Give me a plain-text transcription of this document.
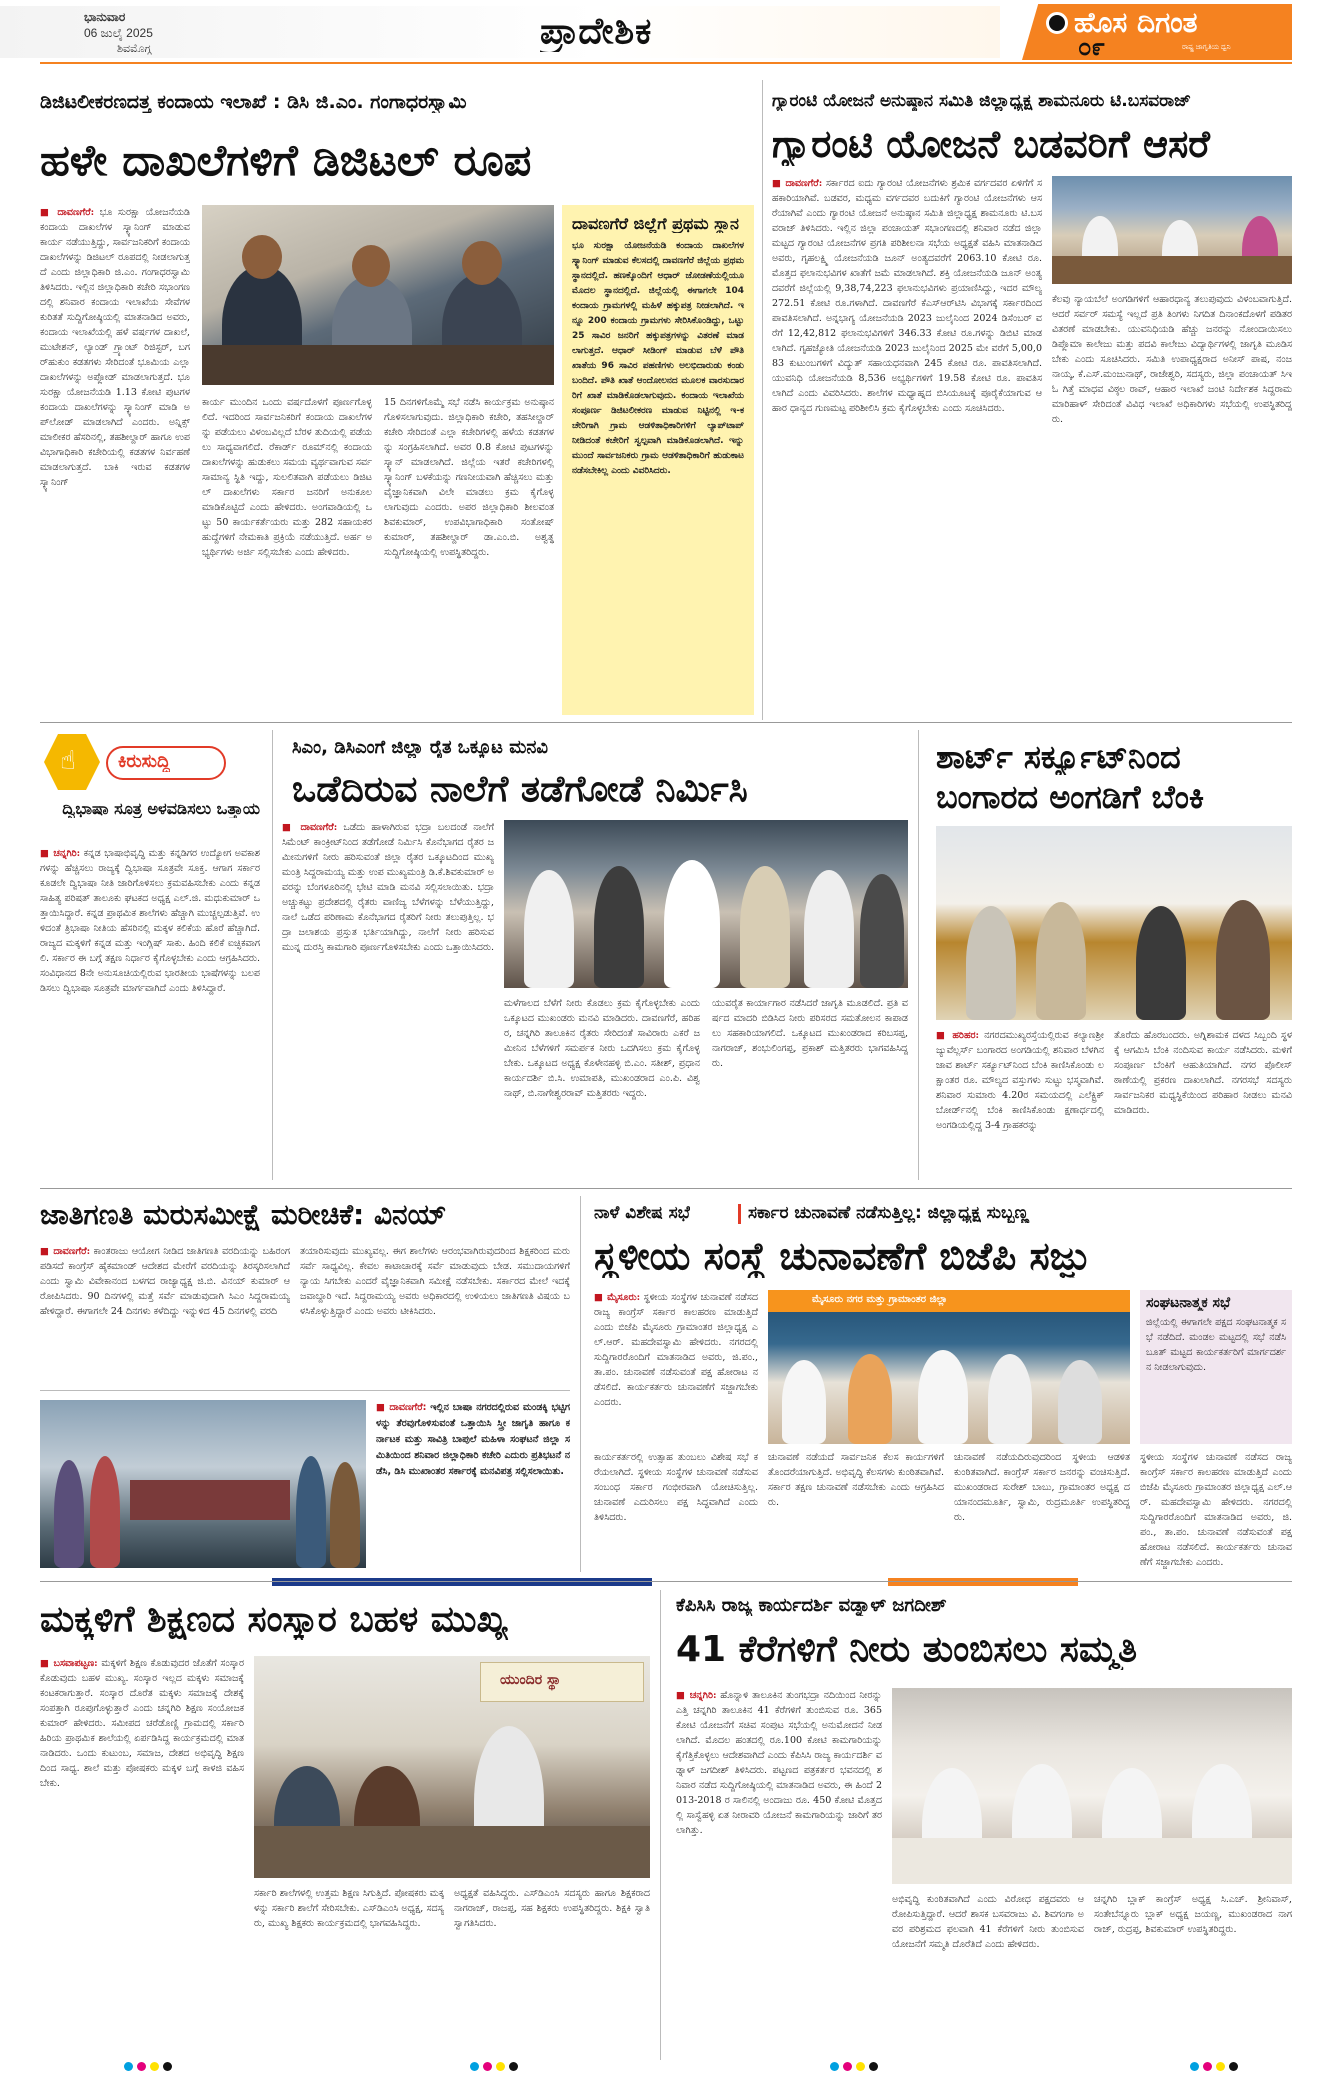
ಭಾನುವಾರ
06 ಜುಲೈ 2025
ಶಿವಮೊಗ್ಗ	ಪ್ರಾದೇಶಿಕ	ಹೊಸ ದಿಗಂತ
ರಾಷ್ಟ್ರ ಜಾಗೃತಿಯ ಧ್ವನಿ
೦೯
ಡಿಜಿಟಲೀಕರಣದತ್ತ ಕಂದಾಯ ಇಲಾಖೆ : ಡಿಸಿ ಜಿ.ಎಂ. ಗಂಗಾಧರಸ್ವಾಮಿ
ಹಳೇ ದಾಖಲೆಗಳಿಗೆ ಡಿಜಿಟಲ್ ರೂಪ
■ ದಾವಣಗೆರೆ: ಭೂ ಸುರಕ್ಷಾ ಯೋಜನೆಯಡಿ ಕಂದಾಯ ದಾಖಲೆಗಳ ಸ್ಕ್ಯಾನಿಂಗ್ ಮಾಡುವ ಕಾರ್ಯ ನಡೆಯುತ್ತಿದ್ದು, ಸಾರ್ವಜನಿಕರಿಗೆ ಕಂದಾಯ ದಾಖಲೆಗಳನ್ನು ಡಿಜಿಟಲ್ ರೂಪದಲ್ಲಿ ನೀಡಲಾಗುತ್ತದೆ ಎಂದು ಜಿಲ್ಲಾಧಿಕಾರಿ ಜಿ.ಎಂ. ಗಂಗಾಧರಸ್ವಾಮಿ ತಿಳಿಸಿದರು. ಇಲ್ಲಿನ ಜಿಲ್ಲಾಧಿಕಾರಿ ಕಚೇರಿ ಸಭಾಂಗಣದಲ್ಲಿ ಶನಿವಾರ ಕಂದಾಯ ಇಲಾಖೆಯ ಸೇವೆಗಳ ಕುರಿತತೆ ಸುದ್ದಿಗೋಷ್ಠಿಯಲ್ಲಿ ಮಾತನಾಡಿದ ಅವರು, ಕಂದಾಯ ಇಲಾಖೆಯಲ್ಲಿ ಹಳೆ ವರ್ಷಗಳ ದಾಖಲೆ, ಮುಟೇಶನ್, ಲ್ಯಾಂಡ್ ಗ್ರ್ಯಾಂಟ್ ರಿಜಿಸ್ಟರ್, ಬಗರ್‌ಹುಕುಂ ಕಡತಗಳು ಸೇರಿದಂತೆ ಭೂಮಿಯ ಎಲ್ಲಾ ದಾಖಲೆಗಳನ್ನು ಅಪ್ಲೋಡ್ ಮಾಡಲಾಗುತ್ತದೆ. ಭೂ ಸುರಕ್ಷಾ ಯೋಜನೆಯಡಿ 1.13 ಕೋಟಿ ಪುಟಗಳ ಕಂದಾಯ ದಾಖಲೆಗಳನ್ನು ಸ್ಕ್ಯಾನಿಂಗ್ ಮಾಡಿ ಅಪ್‌ಲೋಡ್ ಮಾಡಲಾಗಿದೆ ಎಂದರು. ಅನ್ನಿಕ್ಸ್ ಮಾಲೀಕರ ಹೆಸರಿನಲ್ಲಿ, ತಹಶೀಲ್ದಾರ್ ಹಾಗೂ ಉಪವಿಭಾಗಾಧಿಕಾರಿ ಕಚೇರಿಯಲ್ಲಿ ಕಡತಗಳ ನಿರ್ವಹಣೆ ಮಾಡಲಾಗುತ್ತದೆ. ಬಾಕಿ ಇರುವ ಕಡತಗಳ ಸ್ಕ್ಯಾನಿಂಗ್
ಕಾರ್ಯ ಮುಂದಿನ ಒಂದು ವರ್ಷದೊಳಗೆ ಪೂರ್ಣಗೊಳ್ಳಲಿದೆ. ಇದರಿಂದ ಸಾರ್ವಜನಿಕರಿಗೆ ಕಂದಾಯ ದಾಖಲೆಗಳನ್ನು ಪಡೆಯಲು ವಿಳಂಬವಿಲ್ಲದೆ ಬೆರಳ ತುದಿಯಲ್ಲಿ ಪಡೆಯಲು ಸಾಧ್ಯವಾಗಲಿದೆ. ರೆಕಾರ್ಡ್ ರೂಮ್‌ನಲ್ಲಿ ಕಂದಾಯ ದಾಖಲೆಗಳನ್ನು ಹುಡುಕಲು ಸಮಯ ವ್ಯರ್ಥವಾಗುವ ಸರ್ವ ಸಾಮಾನ್ಯ ಸ್ಥಿತಿ ಇದ್ದು, ಸುಲಲಿತವಾಗಿ ಪಡೆಯಲು ಡಿಜಿಟಲ್ ದಾಖಲೆಗಳು ಸರ್ಕಾರ ಜನರಿಗೆ ಅನುಕೂಲ ಮಾಡಿಕೊಟ್ಟಿದೆ ಎಂದು ಹೇಳಿದರು. ಅಂಗವಾಡಿಯಲ್ಲಿ ಒಟ್ಟು 50 ಕಾರ್ಯಕರ್ತೆಯರು ಮತ್ತು 282 ಸಹಾಯಕರ ಹುದ್ದೆಗಳಿಗೆ ನೇಮಕಾತಿ ಪ್ರಕ್ರಿಯೆ ನಡೆಯುತ್ತಿದೆ. ಅರ್ಹ ಅಭ್ಯರ್ಥಿಗಳು ಅರ್ಜಿ ಸಲ್ಲಿಸಬೇಕು ಎಂದು ಹೇಳಿದರು.
15 ದಿನಗಳಿಗೊಮ್ಮೆ ಸಭೆ ನಡೆಸಿ ಕಾರ್ಯಕ್ರಮ ಅನುಷ್ಠಾನಗೊಳಿಸಲಾಗುವುದು. ಜಿಲ್ಲಾಧಿಕಾರಿ ಕಚೇರಿ, ತಹಸೀಲ್ದಾರ್ ಕಚೇರಿ ಸೇರಿದಂತೆ ಎಲ್ಲಾ ಕಚೇರಿಗಳಲ್ಲಿ ಹಳೆಯ ಕಡತಗಳನ್ನು ಸಂಗ್ರಹಿಸಲಾಗಿದೆ. ಅವರ 0.8 ಕೋಟಿ ಪುಟಗಳನ್ನು ಸ್ಕ್ಯಾನ್ ಮಾಡಲಾಗಿದೆ. ಜಿಲ್ಲೆಯ ಇತರೆ ಕಚೇರಿಗಳಲ್ಲಿ ಸ್ಕ್ಯಾನಿಂಗ್ ಬಳಕೆಯನ್ನು ಗಣನೀಯವಾಗಿ ಹೆಚ್ಚಿಸಲು ಮತ್ತು ವೈಜ್ಞಾನಿಕವಾಗಿ ವಿಲೇ ಮಾಡಲು ಕ್ರಮ ಕೈಗೊಳ್ಳಲಾಗುವುದು ಎಂದರು. ಅಪರ ಜಿಲ್ಲಾಧಿಕಾರಿ ಶೀಲವಂತ ಶಿವಕುಮಾರ್, ಉಪವಿಭಾಗಾಧಿಕಾರಿ ಸಂತೋಷ್ ಕುಮಾರ್, ತಹಶೀಲ್ದಾರ್ ಡಾ.ಎಂ.ಬಿ. ಅಶ್ವತ್ಥ ಸುದ್ದಿಗೋಷ್ಠಿಯಲ್ಲಿ ಉಪಸ್ಥಿತರಿದ್ದರು.
ದಾವಣಗೆರೆ ಜಿಲ್ಲೆಗೆ ಪ್ರಥಮ ಸ್ಥಾನ
ಭೂ ಸುರಕ್ಷಾ ಯೋಜನೆಯಡಿ ಕಂದಾಯ ದಾಖಲೆಗಳ ಸ್ಕ್ಯಾನಿಂಗ್ ಮಾಡುವ ಕೆಲಸದಲ್ಲಿ ದಾವಣಗೆರೆ ಜಿಲ್ಲೆಯ ಪ್ರಥಮ ಸ್ಥಾನದಲ್ಲಿದೆ. ಹಣಕ್ಕೊಂದಿಗೆ ಆಧಾರ್ ಜೋಡಣೆಯಲ್ಲಿಯೂ ಮೊದಲ ಸ್ಥಾನದಲ್ಲಿದೆ. ಜಿಲ್ಲೆಯಲ್ಲಿ ಈಗಾಗಲೇ 104 ಕಂದಾಯ ಗ್ರಾಮಗಳಲ್ಲಿ ಮಹಿಳೆ ಹಕ್ಕುಪತ್ರ ನೀಡಲಾಗಿದೆ. ಇನ್ನೂ 200 ಕಂದಾಯ ಗ್ರಾಮಗಳು ಸೇರಿಸಿಕೊಂಡಿದ್ದು, ಒಟ್ಟು 25 ಸಾವಿರ ಜನರಿಗೆ ಹಕ್ಕುಪತ್ರಗಳನ್ನು ವಿತರಣೆ ಮಾಡಲಾಗುತ್ತದೆ. ಆಧಾರ್ ಸೀಡಿಂಗ್ ಮಾಡುವ ಬೆಳೆ ಪೌತಿ ಖಾತೆಯ 96 ಸಾವಿರ ಪಹಣಿಗಳು ಅಲಭಿದಾರುಡು ಕಂಡು ಬಂದಿದೆ. ಪೌತಿ ಖಾತೆ ಆಂದೋಲನದ ಮೂಲಕ ವಾರಸುದಾರರಿಗೆ ಖಾತೆ ಮಾಡಿಕೊಡಲಾಗುವುದು. ಕಂದಾಯ ಇಲಾಖೆಯ ಸಂಪೂರ್ಣ ಡಿಜಿಟಲೀಕರಣ ಮಾಡುವ ನಿಟ್ಟಿನಲ್ಲಿ ಇ-ಕಚೇರಿಗಾಗಿ ಗ್ರಾಮ ಆಡಳಿತಾಧಿಕಾರಿಗಳಿಗೆ ಲ್ಯಾಪ್‌ಟಾಪ್ ನೀಡಿದಂತೆ ಕಚೇರಿಗೆ ಸ್ವಲ್ಪವಾಗಿ ಮಾಡಿಕೊಡಲಾಗಿದೆ. ಇನ್ನು ಮುಂದೆ ಸಾರ್ವಜನಿಕರು ಗ್ರಾಮ ಆಡಳಿತಾಧಿಕಾರಿಗೆ ಹುಡುಕಾಟ ನಡೆಸಬೇಕಿಲ್ಲ ಎಂದು ವಿವರಿಸಿದರು.
ಗ್ಯಾರಂಟಿ ಯೋಜನೆ ಅನುಷ್ಠಾನ ಸಮಿತಿ ಜಿಲ್ಲಾಧ್ಯಕ್ಷ ಶಾಮನೂರು ಟಿ.ಬಸವರಾಜ್
ಗ್ಯಾರಂಟಿ ಯೋಜನೆ ಬಡವರಿಗೆ ಆಸರೆ
■ ದಾವಣಗೆರೆ: ಸರ್ಕಾರದ ಐದು ಗ್ಯಾರಂಟಿ ಯೋಜನೆಗಳು ಶ್ರಮಿಕ ವರ್ಗದವರ ಏಳಿಗೆಗೆ ಸಹಕಾರಿಯಾಗಿವೆ. ಬಡವರ, ಮಧ್ಯಮ ವರ್ಗದವರ ಬದುಕಿಗೆ ಗ್ಯಾರಂಟಿ ಯೋಜನೆಗಳು ಆಸರೆಯಾಗಿವೆ ಎಂದು ಗ್ಯಾರಂಟಿ ಯೋಜನೆ ಅನುಷ್ಠಾನ ಸಮಿತಿ ಜಿಲ್ಲಾಧ್ಯಕ್ಷ ಶಾಮನೂರು ಟಿ.ಬಸವರಾಜ್ ತಿಳಿಸಿದರು. ಇಲ್ಲಿನ ಜಿಲ್ಲಾ ಪಂಚಾಯತ್ ಸಭಾಂಗಣದಲ್ಲಿ ಶನಿವಾರ ನಡೆದ ಜಿಲ್ಲಾ ಮಟ್ಟದ ಗ್ಯಾರಂಟಿ ಯೋಜನೆಗಳ ಪ್ರಗತಿ ಪರಿಶೀಲನಾ ಸಭೆಯ ಅಧ್ಯಕ್ಷತೆ ವಹಿಸಿ ಮಾತನಾಡಿದ ಅವರು, ಗೃಹಲಕ್ಷ್ಮಿ ಯೋಜನೆಯಡಿ ಜೂನ್ ಅಂತ್ಯದವರೆಗೆ 2063.10 ಕೋಟಿ ರೂ. ಮೊತ್ತದ ಫಲಾನುಭವಿಗಳ ಖಾತೆಗೆ ಜಮೆ ಮಾಡಲಾಗಿದೆ. ಶಕ್ತಿ ಯೋಜನೆಯಡಿ ಜೂನ್ ಅಂತ್ಯದವರೆಗೆ ಜಿಲ್ಲೆಯಲ್ಲಿ 9,38,74,223 ಫಲಾನುಭವಿಗಳು ಪ್ರಯಾಣಿಸಿದ್ದು, ಇದರ ಮೌಲ್ಯ 272.51 ಕೋಟಿ ರೂ.ಗಳಾಗಿದೆ. ದಾವಣಗೆರೆ ಕೆಎಸ್ಆರ್‌ಟಿಸಿ ವಿಭಾಗಕ್ಕೆ ಸರ್ಕಾರದಿಂದ ಪಾವತಿಸಲಾಗಿದೆ. ಅನ್ನಭಾಗ್ಯ ಯೋಜನೆಯಡಿ 2023 ಜುಲೈನಿಂದ 2024 ಡಿಸೆಂಬರ್ ವರೆಗೆ 12,42,812 ಫಲಾನುಭವಿಗಳಿಗೆ 346.33 ಕೋಟಿ ರೂ.ಗಳನ್ನು ಡಿಬಿಟಿ ಮಾಡಲಾಗಿದೆ. ಗೃಹಜ್ಯೋತಿ ಯೋಜನೆಯಡಿ 2023 ಜುಲೈನಿಂದ 2025 ಮೇ ವರೆಗೆ 5,00,083 ಕುಟುಂಬಗಳಿಗೆ ವಿದ್ಯುತ್ ಸಹಾಯಧನವಾಗಿ 245 ಕೋಟಿ ರೂ. ಪಾವತಿಸಲಾಗಿದೆ. ಯುವನಿಧಿ ಯೋಜನೆಯಡಿ 8,536 ಅಭ್ಯರ್ಥಿಗಳಿಗೆ 19.58 ಕೋಟಿ ರೂ. ಪಾವತಿಸಲಾಗಿದೆ ಎಂದು ವಿವರಿಸಿದರು. ಶಾಲೆಗಳ ಮಧ್ಯಾಹ್ನದ ಬಿಸಿಯೂಟಕ್ಕೆ ಪೂರೈಕೆಯಾಗುವ ಆಹಾರ ಧಾನ್ಯದ ಗುಣಮಟ್ಟ ಪರಿಶೀಲಿಸಿ ಕ್ರಮ ಕೈಗೊಳ್ಳಬೇಕು ಎಂದು ಸೂಚಿಸಿದರು.
ಕೆಲವು ನ್ಯಾಯಬೆಲೆ ಅಂಗಡಿಗಳಿಗೆ ಆಹಾರಧಾನ್ಯ ತಲುಪುವುದು ವಿಳಂಬವಾಗುತ್ತಿದೆ. ಆದರೆ ಸರ್ವರ್ ಸಮಸ್ಯೆ ಇಲ್ಲದೆ ಪ್ರತಿ ತಿಂಗಳು ನಿಗದಿತ ದಿನಾಂಕದೊಳಗೆ ಪಡಿತರ ವಿತರಣೆ ಮಾಡಬೇಕು. ಯುವನಿಧಿಯಡಿ ಹೆಚ್ಚು ಜನರನ್ನು ನೋಂದಾಯಿಸಲು ಡಿಪ್ಲೊಮಾ ಕಾಲೇಜು ಮತ್ತು ಪದವಿ ಕಾಲೇಜು ವಿದ್ಯಾರ್ಥಿಗಳಲ್ಲಿ ಜಾಗೃತಿ ಮೂಡಿಸಬೇಕು ಎಂದು ಸೂಚಿಸಿದರು. ಸಮಿತಿ ಉಪಾಧ್ಯಕ್ಷರಾದ ಅನೀಸ್ ಪಾಷ, ನಂಜನಾಯ್ಕ, ಕೆ.ಎಸ್.ಮಂಜುನಾಥ್, ರಾಜೇಶ್ವರಿ, ಸದಸ್ಯರು, ಜಿಲ್ಲಾ ಪಂಚಾಯತ್ ಸಿಇಓ ಗಿತ್ತೆ ಮಾಧವ ವಿಠ್ಠಲ ರಾವ್, ಆಹಾರ ಇಲಾಖೆ ಜಂಟಿ ನಿರ್ದೇಶಕ ಸಿದ್ದರಾಮ ಮಾರಿಹಾಳ್ ಸೇರಿದಂತೆ ವಿವಿಧ ಇಲಾಖೆ ಅಧಿಕಾರಿಗಳು ಸಭೆಯಲ್ಲಿ ಉಪಸ್ಥಿತರಿದ್ದರು.
☝ ಕಿರುಸುದ್ದಿ
ದ್ವಿಭಾಷಾ ಸೂತ್ರ ಅಳವಡಿಸಲು ಒತ್ತಾಯ
■ ಚನ್ನಗಿರಿ: ಕನ್ನಡ ಭಾಷಾಭಿವೃದ್ಧಿ ಮತ್ತು ಕನ್ನಡಿಗರ ಉದ್ಯೋಗ ಅವಕಾಶಗಳನ್ನು ಹೆಚ್ಚಿಸಲು ರಾಜ್ಯಕ್ಕೆ ದ್ವಿಭಾಷಾ ಸೂತ್ರವೇ ಸೂಕ್ತ. ಆಗಾಗ ಸರ್ಕಾರ ಕೂಡಲೇ ದ್ವಿಭಾಷಾ ನೀತಿ ಜಾರಿಗೊಳಿಸಲು ಕ್ರಮವಹಿಸಬೇಕು ಎಂದು ಕನ್ನಡ ಸಾಹಿತ್ಯ ಪರಿಷತ್ ತಾಲೂಕು ಘಟಕದ ಅಧ್ಯಕ್ಷ ಎಲ್.ಜಿ. ಮಧುಕುಮಾರ್ ಒತ್ತಾಯಿಸಿದ್ದಾರೆ. ಕನ್ನಡ ಪ್ರಾಥಮಿಕ ಶಾಲೆಗಳು ಹೆಚ್ಚಾಗಿ ಮುಚ್ಚಲ್ಪಡುತ್ತಿವೆ. ಉಳಿದಂತೆ ತ್ರಿಭಾಷಾ ನೀತಿಯ ಹೆಸರಿನಲ್ಲಿ ಮಕ್ಕಳ ಕಲಿಕೆಯ ಹೊರೆ ಹೆಚ್ಚಾಗಿದೆ. ರಾಜ್ಯದ ಮಕ್ಕಳಿಗೆ ಕನ್ನಡ ಮತ್ತು ಇಂಗ್ಲಿಷ್ ಸಾಕು. ಹಿಂದಿ ಕಲಿಕೆ ಐಚ್ಛಿಕವಾಗಲಿ. ಸರ್ಕಾರ ಈ ಬಗ್ಗೆ ತಕ್ಷಣ ನಿರ್ಧಾರ ಕೈಗೊಳ್ಳಬೇಕು ಎಂದು ಆಗ್ರಹಿಸಿದರು. ಸಂವಿಧಾನದ 8ನೇ ಅನುಸೂಚಿಯಲ್ಲಿರುವ ಭಾರತೀಯ ಭಾಷೆಗಳನ್ನು ಬಲಪಡಿಸಲು ದ್ವಿಭಾಷಾ ಸೂತ್ರವೇ ಮಾರ್ಗವಾಗಿದೆ ಎಂದು ತಿಳಿಸಿದ್ದಾರೆ.
ಸಿಎಂ, ಡಿಸಿಎಂಗೆ ಜಿಲ್ಲಾ ರೈತ ಒಕ್ಕೂಟ ಮನವಿ
ಒಡೆದಿರುವ ನಾಲೆಗೆ ತಡೆಗೋಡೆ ನಿರ್ಮಿಸಿ
■ ದಾವಣಗೆರೆ: ಒಡೆದು ಹಾಳಾಗಿರುವ ಭದ್ರಾ ಬಲದಂಡೆ ನಾಲೆಗೆ ಸಿಮೆಂಟ್ ಕಾಂಕ್ರೀಟ್‌ನಿಂದ ತಡೆಗೋಡೆ ನಿರ್ಮಿಸಿ ಕೊನೆಭಾಗದ ರೈತರ ಜಮೀನುಗಳಿಗೆ ನೀರು ಹರಿಸುವಂತೆ ಜಿಲ್ಲಾ ರೈತರ ಒಕ್ಕೂಟದಿಂದ ಮುಖ್ಯಮಂತ್ರಿ ಸಿದ್ದರಾಮಯ್ಯ ಮತ್ತು ಉಪ ಮುಖ್ಯಮಂತ್ರಿ ಡಿ.ಕೆ.ಶಿವಕುಮಾರ್ ಅವರನ್ನು ಬೆಂಗಳೂರಿನಲ್ಲಿ ಭೇಟಿ ಮಾಡಿ ಮನವಿ ಸಲ್ಲಿಸಲಾಯಿತು. ಭದ್ರಾ ಅಚ್ಚುಕಟ್ಟು ಪ್ರದೇಶದಲ್ಲಿ ರೈತರು ವಾಣಿಜ್ಯ ಬೆಳೆಗಳನ್ನು ಬೆಳೆಯುತ್ತಿದ್ದು, ನಾಲೆ ಒಡೆದ ಪರಿಣಾಮ ಕೊನೆಭಾಗದ ರೈತರಿಗೆ ನೀರು ತಲುಪುತ್ತಿಲ್ಲ. ಭದ್ರಾ ಜಲಾಶಯ ಪ್ರಸ್ತುತ ಭರ್ತಿಯಾಗಿದ್ದು, ನಾಲೆಗೆ ನೀರು ಹರಿಸುವ ಮುನ್ನ ದುರಸ್ತಿ ಕಾಮಗಾರಿ ಪೂರ್ಣಗೊಳಿಸಬೇಕು ಎಂದು ಒತ್ತಾಯಿಸಿದರು.
ಮಳೆಗಾಲದ ಬೆಳೆಗೆ ನೀರು ಕೊಡಲು ಕ್ರಮ ಕೈಗೊಳ್ಳಬೇಕು ಎಂದು ಒಕ್ಕೂಟದ ಮುಖಂಡರು ಮನವಿ ಮಾಡಿದರು. ದಾವಣಗೆರೆ, ಹರಿಹರ, ಚನ್ನಗಿರಿ ತಾಲೂಕಿನ ರೈತರು ಸೇರಿದಂತೆ ಸಾವಿರಾರು ಎಕರೆ ಜಮೀನಿನ ಬೆಳೆಗಳಿಗೆ ಸಮರ್ಪಕ ನೀರು ಒದಗಿಸಲು ಕ್ರಮ ಕೈಗೊಳ್ಳಬೇಕು. ಒಕ್ಕೂಟದ ಅಧ್ಯಕ್ಷ ಕೊಳೇನಹಳ್ಳಿ ಬಿ.ಎಂ. ಸತೀಶ್, ಪ್ರಧಾನ ಕಾರ್ಯದರ್ಶಿ ಬಿ.ಸಿ. ಉಮಾಪತಿ, ಮುಖಂಡರಾದ ಎಂ.ಪಿ. ವಿಶ್ವನಾಥ್, ಬಿ.ನಾಗೇಶ್ವರರಾವ್ ಮತ್ತಿತರರು ಇದ್ದರು.
ಯುವರೈತ ಕಾರ್ಯಾಗಾರ ನಡೆಸಿದರೆ ಜಾಗೃತಿ ಮೂಡಲಿದೆ. ಪ್ರತಿ ವರ್ಷದ ಮಾದರಿ ಬಿಡಿಸಿದ ನೀರು ಪರಿಸರದ ಸಮತೋಲನ ಕಾಪಾಡಲು ಸಹಕಾರಿಯಾಗಲಿದೆ. ಒಕ್ಕೂಟದ ಮುಖಂಡರಾದ ಕರಿಬಸಪ್ಪ, ನಾಗರಾಜ್, ಶಂಭುಲಿಂಗಪ್ಪ, ಪ್ರಕಾಶ್ ಮತ್ತಿತರರು ಭಾಗವಹಿಸಿದ್ದರು.
ಶಾರ್ಟ್ ಸರ್ಕ್ಯೂಟ್‌ನಿಂದ
ಬಂಗಾರದ ಅಂಗಡಿಗೆ ಬೆಂಕಿ
■ ಹರಿಹರ: ನಗರದಮುಖ್ಯರಸ್ತೆಯಲ್ಲಿರುವ ಕಲ್ಯಾಣಶ್ರೀ ಜ್ಯುವೆಲ್ಲರ್ಸ್ ಬಂಗಾರದ ಅಂಗಡಿಯಲ್ಲಿ ಶನಿವಾರ ಬೆಳಗಿನ ಜಾವ ಶಾರ್ಟ್ ಸರ್ಕ್ಯೂಟ್‌ನಿಂದ ಬೆಂಕಿ ಕಾಣಿಸಿಕೊಂಡು ಲಕ್ಷಾಂತರ ರೂ. ಮೌಲ್ಯದ ವಸ್ತುಗಳು ಸುಟ್ಟು ಭಸ್ಮವಾಗಿವೆ. ಶನಿವಾರ ಸುಮಾರು 4.20ರ ಸಮಯದಲ್ಲಿ ಎಲೆಕ್ಟ್ರಿಕ್ ಬೋರ್ಡ್‌ನಲ್ಲಿ ಬೆಂಕಿ ಕಾಣಿಸಿಕೊಂಡು ಕ್ಷಣಾರ್ಧದಲ್ಲಿ ಅಂಗಡಿಯಲ್ಲಿದ್ದ 3-4 ಗ್ರಾಹಕರನ್ನು
ತೊರೆದು ಹೊರಬಂದರು. ಅಗ್ನಿಶಾಮಕ ದಳದ ಸಿಬ್ಬಂದಿ ಸ್ಥಳಕ್ಕೆ ಆಗಮಿಸಿ ಬೆಂಕಿ ನಂದಿಸುವ ಕಾರ್ಯ ನಡೆಸಿದರು. ಮಳಿಗೆ ಸಂಪೂರ್ಣ ಬೆಂಕಿಗೆ ಆಹುತಿಯಾಗಿದೆ. ನಗರ ಪೊಲೀಸ್ ಠಾಣೆಯಲ್ಲಿ ಪ್ರಕರಣ ದಾಖಲಾಗಿದೆ. ನಗರಸಭೆ ಸದಸ್ಯರು ಸಾರ್ವಜನಿಕರ ಮಧ್ಯಸ್ಥಿಕೆಯಿಂದ ಪರಿಹಾರ ನೀಡಲು ಮನವಿ ಮಾಡಿದರು.
ಜಾತಿಗಣತಿ ಮರುಸಮೀಕ್ಷೆ ಮರೀಚಿಕೆ: ವಿನಯ್
■ ದಾವಣಗೆರೆ: ಕಾಂತರಾಜು ಆಯೋಗ ನೀಡಿದ ಜಾತಿಗಣತಿ ವರದಿಯನ್ನು ಬಹಿರಂಗ ಪಡಿಸದೆ ಕಾಂಗ್ರೆಸ್ ಹೈಕಮಾಂಡ್ ಆದೇಶದ ಮೇರೆಗೆ ವರದಿಯನ್ನು ತಿರಸ್ಕರಿಸಲಾಗಿದೆ ಎಂದು ಸ್ವಾಮಿ ವಿವೇಕಾನಂದ ಬಳಗದ ರಾಜ್ಯಾಧ್ಯಕ್ಷ ಜಿ.ಬಿ. ವಿನಯ್ ಕುಮಾರ್ ಆರೋಪಿಸಿದರು. 90 ದಿನಗಳಲ್ಲಿ ಮತ್ತೆ ಸರ್ವೆ ಮಾಡುವುದಾಗಿ ಸಿಎಂ ಸಿದ್ದರಾಮಯ್ಯ ಹೇಳಿದ್ದಾರೆ. ಈಗಾಗಲೇ 24 ದಿನಗಳು ಕಳೆದಿದ್ದು ಇನ್ನುಳಿದ 45 ದಿನಗಳಲ್ಲಿ ವರದಿ
ತಯಾರಿಸುವುದು ಮುಖ್ಯವಲ್ಲ. ಈಗ ಶಾಲೆಗಳು ಆರಂಭವಾಗಿರುವುದರಿಂದ ಶಿಕ್ಷಕರಿಂದ ಮರು ಸರ್ವೆ ಸಾಧ್ಯವಿಲ್ಲ. ಕೇವಲ ಕಾಟಾಚಾರಕ್ಕೆ ಸರ್ವೆ ಮಾಡುವುದು ಬೇಡ. ಸಮುದಾಯಗಳಿಗೆ ನ್ಯಾಯ ಸಿಗಬೇಕು ಎಂದರೆ ವೈಜ್ಞಾನಿಕವಾಗಿ ಸಮೀಕ್ಷೆ ನಡೆಸಬೇಕು. ಸರ್ಕಾರದ ಮೇಲೆ ಇದಕ್ಕೆ ಜವಾಬ್ದಾರಿ ಇದೆ. ಸಿದ್ದರಾಮಯ್ಯ ಅವರು ಅಧಿಕಾರದಲ್ಲಿ ಉಳಿಯಲು ಜಾತಿಗಣತಿ ವಿಷಯ ಬಳಸಿಕೊಳ್ಳುತ್ತಿದ್ದಾರೆ ಎಂದು ಅವರು ಟೀಕಿಸಿದರು.
■ ದಾವಣಗೆರೆ: ಇಲ್ಲಿನ ಬಾಷಾ ನಗರದಲ್ಲಿರುವ ಮಂಡಕ್ಕಿ ಭಟ್ಟಿಗಳನ್ನು ತೆರವುಗೊಳಿಸುವಂತೆ ಒತ್ತಾಯಿಸಿ ಸ್ತ್ರೀ ಜಾಗೃತಿ ಹಾಗೂ ಕರ್ನಾಟಕ ಮತ್ತು ಸಾವಿತ್ರಿ ಬಾಪುಲೆ ಮಹಿಳಾ ಸಂಘಟನೆ ಜಿಲ್ಲಾ ಸಮಿತಿಯಿಂದ ಶನಿವಾರ ಜಿಲ್ಲಾಧಿಕಾರಿ ಕಚೇರಿ ಎದುರು ಪ್ರತಿಭಟನೆ ನಡೆಸಿ, ಡಿಸಿ ಮುಖಾಂತರ ಸರ್ಕಾರಕ್ಕೆ ಮನವಿಪತ್ರ ಸಲ್ಲಿಸಲಾಯಿತು.
ನಾಳೆ ವಿಶೇಷ ಸಭೆ	ಸರ್ಕಾರ ಚುನಾವಣೆ ನಡೆಸುತ್ತಿಲ್ಲ: ಜಿಲ್ಲಾಧ್ಯಕ್ಷ ಸುಬ್ಬಣ್ಣ
ಸ್ಥಳೀಯ ಸಂಸ್ಥೆ ಚುನಾವಣೆಗೆ ಬಿಜೆಪಿ ಸಜ್ಜು
■ ಮೈಸೂರು: ಸ್ಥಳೀಯ ಸಂಸ್ಥೆಗಳ ಚುನಾವಣೆ ನಡೆಸದ ರಾಜ್ಯ ಕಾಂಗ್ರೆಸ್ ಸರ್ಕಾರ ಕಾಲಹರಣ ಮಾಡುತ್ತಿದೆ ಎಂದು ಬಿಜೆಪಿ ಮೈಸೂರು ಗ್ರಾಮಾಂತರ ಜಿಲ್ಲಾಧ್ಯಕ್ಷ ಎಲ್.ಆರ್. ಮಹದೇವಸ್ವಾಮಿ ಹೇಳಿದರು. ನಗರದಲ್ಲಿ ಸುದ್ದಿಗಾರರೊಂದಿಗೆ ಮಾತನಾಡಿದ ಅವರು, ಜಿ.ಪಂ., ತಾ.ಪಂ. ಚುನಾವಣೆ ನಡೆಸುವಂತೆ ಪಕ್ಷ ಹೋರಾಟ ನಡೆಸಲಿದೆ. ಕಾರ್ಯಕರ್ತರು ಚುನಾವಣೆಗೆ ಸಜ್ಜಾಗಬೇಕು ಎಂದರು.
ಮೈಸೂರು ನಗರ ಮತ್ತು ಗ್ರಾಮಾಂತರ ಜಿಲ್ಲಾ	ಸಂಘಟನಾತ್ಮಕ ಸಭೆ
ಜಿಲ್ಲೆಯಲ್ಲಿ ಈಗಾಗಲೇ ಪಕ್ಷದ ಸಂಘಟನಾತ್ಮಕ ಸಭೆ ನಡೆದಿದೆ. ಮಂಡಲ ಮಟ್ಟದಲ್ಲಿ ಸಭೆ ನಡೆಸಿ ಬೂತ್ ಮಟ್ಟದ ಕಾರ್ಯಕರ್ತರಿಗೆ ಮಾರ್ಗದರ್ಶನ ನೀಡಲಾಗುವುದು.
ಕಾರ್ಯಕರ್ತರಲ್ಲಿ ಉತ್ಸಾಹ ತುಂಬಲು ವಿಶೇಷ ಸಭೆ ಕರೆಯಲಾಗಿದೆ. ಸ್ಥಳೀಯ ಸಂಸ್ಥೆಗಳ ಚುನಾವಣೆ ನಡೆಸುವ ಸಂಬಂಧ ಸರ್ಕಾರ ಗಂಭೀರವಾಗಿ ಯೋಚಿಸುತ್ತಿಲ್ಲ. ಚುನಾವಣೆ ಎದುರಿಸಲು ಪಕ್ಷ ಸಿದ್ಧವಾಗಿದೆ ಎಂದು ತಿಳಿಸಿದರು.
ಚುನಾವಣೆ ನಡೆಯದೆ ಸಾರ್ವಜನಿಕ ಕೆಲಸ ಕಾರ್ಯಗಳಿಗೆ ತೊಂದರೆಯಾಗುತ್ತಿದೆ. ಅಭಿವೃದ್ಧಿ ಕೆಲಸಗಳು ಕುಂಠಿತವಾಗಿವೆ. ಸರ್ಕಾರ ತಕ್ಷಣ ಚುನಾವಣೆ ನಡೆಸಬೇಕು ಎಂದು ಆಗ್ರಹಿಸಿದರು.
ಚುನಾವಣೆ ನಡೆಯದಿರುವುದರಿಂದ ಸ್ಥಳೀಯ ಆಡಳಿತ ಕುಂಠಿತವಾಗಿದೆ. ಕಾಂಗ್ರೆಸ್ ಸರ್ಕಾರ ಜನರನ್ನು ವಂಚಿಸುತ್ತಿದೆ. ಮುಖಂಡರಾದ ಸುರೇಶ್ ಬಾಬು, ಗ್ರಾಮಾಂತರ ಅಧ್ಯಕ್ಷ ದಯಾನಂದಮೂರ್ತಿ, ಸ್ವಾಮಿ, ರುದ್ರಮೂರ್ತಿ ಉಪಸ್ಥಿತರಿದ್ದರು.
ಸ್ಥಳೀಯ ಸಂಸ್ಥೆಗಳ ಚುನಾವಣೆ ನಡೆಸದ ರಾಜ್ಯ ಕಾಂಗ್ರೆಸ್ ಸರ್ಕಾರ ಕಾಲಹರಣ ಮಾಡುತ್ತಿದೆ ಎಂದು ಬಿಜೆಪಿ ಮೈಸೂರು ಗ್ರಾಮಾಂತರ ಜಿಲ್ಲಾಧ್ಯಕ್ಷ ಎಲ್.ಆರ್. ಮಹದೇವಸ್ವಾಮಿ ಹೇಳಿದರು. ನಗರದಲ್ಲಿ ಸುದ್ದಿಗಾರರೊಂದಿಗೆ ಮಾತನಾಡಿದ ಅವರು, ಜಿ.ಪಂ., ತಾ.ಪಂ. ಚುನಾವಣೆ ನಡೆಸುವಂತೆ ಪಕ್ಷ ಹೋರಾಟ ನಡೆಸಲಿದೆ. ಕಾರ್ಯಕರ್ತರು ಚುನಾವಣೆಗೆ ಸಜ್ಜಾಗಬೇಕು ಎಂದರು.
ಮಕ್ಕಳಿಗೆ ಶಿಕ್ಷಣದ ಸಂಸ್ಕಾರ ಬಹಳ ಮುಖ್ಯ
■ ಬಸವಾಪಟ್ಟಣ: ಮಕ್ಕಳಿಗೆ ಶಿಕ್ಷಣ ಕೊಡುವುದರ ಜೊತೆಗೆ ಸಂಸ್ಕಾರ ಕೊಡುವುದು ಬಹಳ ಮುಖ್ಯ. ಸಂಸ್ಕಾರ ಇಲ್ಲದ ಮಕ್ಕಳು ಸಮಾಜಕ್ಕೆ ಕಂಟಕರಾಗುತ್ತಾರೆ. ಸಂಸ್ಕಾರ ದೊರೆತ ಮಕ್ಕಳು ಸಮಾಜಕ್ಕೆ ದೇಶಕ್ಕೆ ಸಂಪತ್ತಾಗಿ ರೂಪುಗೊಳ್ಳುತ್ತಾರೆ ಎಂದು ಚನ್ನಗಿರಿ ಶಿಕ್ಷಣ ಸಂಯೋಜಕ ಕುಮಾರ್ ಹೇಳಿದರು. ಸಮೀಪದ ಚರೆಡೊಣ್ಣಿ ಗ್ರಾಮದಲ್ಲಿ ಸರ್ಕಾರಿ ಹಿರಿಯ ಪ್ರಾಥಮಿಕ ಶಾಲೆಯಲ್ಲಿ ಏರ್ಪಡಿಸಿದ್ದ ಕಾರ್ಯಕ್ರಮದಲ್ಲಿ ಮಾತನಾಡಿದರು. ಒಂದು ಕುಟುಂಬ, ಸಮಾಜ, ದೇಶದ ಅಭಿವೃದ್ಧಿ ಶಿಕ್ಷಣದಿಂದ ಸಾಧ್ಯ. ಶಾಲೆ ಮತ್ತು ಪೋಷಕರು ಮಕ್ಕಳ ಬಗ್ಗೆ ಕಾಳಜಿ ವಹಿಸಬೇಕು.
ಯುಂದಿರ ಸ್ಥಾ
ಸರ್ಕಾರಿ ಶಾಲೆಗಳಲ್ಲಿ ಉತ್ತಮ ಶಿಕ್ಷಣ ಸಿಗುತ್ತಿದೆ. ಪೋಷಕರು ಮಕ್ಕಳನ್ನು ಸರ್ಕಾರಿ ಶಾಲೆಗೆ ಸೇರಿಸಬೇಕು. ಎಸ್‌ಡಿಎಂಸಿ ಅಧ್ಯಕ್ಷ, ಸದಸ್ಯರು, ಮುಖ್ಯ ಶಿಕ್ಷಕರು ಕಾರ್ಯಕ್ರಮದಲ್ಲಿ ಭಾಗವಹಿಸಿದ್ದರು.
ಅಧ್ಯಕ್ಷತೆ ವಹಿಸಿದ್ದರು. ಎಸ್‌ಡಿಎಂಸಿ ಸದಸ್ಯರು ಹಾಗೂ ಶಿಕ್ಷಕರಾದ ನಾಗರಾಜ್, ರಾಜಪ್ಪ, ಸಹ ಶಿಕ್ಷಕರು ಉಪಸ್ಥಿತರಿದ್ದರು. ಶಿಕ್ಷಕಿ ಸ್ವಾತಿ ಸ್ವಾಗತಿಸಿದರು.
ಕೆಪಿಸಿಸಿ ರಾಜ್ಯ ಕಾರ್ಯದರ್ಶಿ ವಡ್ನಾಳ್ ಜಗದೀಶ್
41 ಕೆರೆಗಳಿಗೆ ನೀರು ತುಂಬಿಸಲು ಸಮ್ಮತಿ
■ ಚನ್ನಗಿರಿ: ಹೊನ್ನಾಳಿ ತಾಲೂಕಿನ ತುಂಗಭದ್ರಾ ನದಿಯಿಂದ ನೀರನ್ನು ಎತ್ತಿ ಚನ್ನಗಿರಿ ತಾಲೂಕಿನ 41 ಕೆರೆಗಳಿಗೆ ತುಂಬಿಸುವ ರೂ. 365 ಕೋಟಿ ಯೋಜನೆಗೆ ಸಚಿವ ಸಂಪುಟ ಸಭೆಯಲ್ಲಿ ಅನುಮೋದನೆ ನೀಡಲಾಗಿದೆ. ಮೊದಲ ಹಂತದಲ್ಲಿ ರೂ.100 ಕೋಟಿ ಕಾಮಗಾರಿಯನ್ನು ಕೈಗೆತ್ತಿಕೊಳ್ಳಲು ಆದೇಶವಾಗಿದೆ ಎಂದು ಕೆಪಿಸಿಸಿ ರಾಜ್ಯ ಕಾರ್ಯದರ್ಶಿ ವಡ್ನಾಳ್ ಜಗದೀಶ್ ತಿಳಿಸಿದರು. ಪಟ್ಟಣದ ಪತ್ರಕರ್ತರ ಭವನದಲ್ಲಿ ಶನಿವಾರ ನಡೆದ ಸುದ್ದಿಗೋಷ್ಠಿಯಲ್ಲಿ ಮಾತನಾಡಿದ ಅವರು, ಈ ಹಿಂದೆ 2013-2018 ರ ಸಾಲಿನಲ್ಲಿ ಅಂದಾಜು ರೂ. 450 ಕೋಟಿ ಮೊತ್ತದಲ್ಲಿ ಸಾಸ್ವೆಹಳ್ಳಿ ಏತ ನೀರಾವರಿ ಯೋಜನೆ ಕಾಮಗಾರಿಯನ್ನು ಜಾರಿಗೆ ತರಲಾಗಿತ್ತು.
ಅಭಿವೃದ್ಧಿ ಕುಂಠಿತವಾಗಿದೆ ಎಂದು ವಿರೋಧ ಪಕ್ಷದವರು ಆರೋಪಿಸುತ್ತಿದ್ದಾರೆ. ಆದರೆ ಶಾಸಕ ಬಸವರಾಜು ವಿ. ಶಿವಗಂಗಾ ಅವರ ಪರಿಶ್ರಮದ ಫಲವಾಗಿ 41 ಕೆರೆಗಳಿಗೆ ನೀರು ತುಂಬಿಸುವ ಯೋಜನೆಗೆ ಸಮ್ಮತಿ ದೊರೆತಿದೆ ಎಂದು ಹೇಳಿದರು.
ಚನ್ನಗಿರಿ ಬ್ಲಾಕ್ ಕಾಂಗ್ರೆಸ್ ಅಧ್ಯಕ್ಷ ಸಿ.ಎಚ್. ಶ್ರೀನಿವಾಸ್, ಸಂತೇಬೆನ್ನೂರು ಬ್ಲಾಕ್ ಅಧ್ಯಕ್ಷ ಜಯಣ್ಣ, ಮುಖಂಡರಾದ ನಾಗರಾಜ್, ರುದ್ರಪ್ಪ, ಶಿವಕುಮಾರ್ ಉಪಸ್ಥಿತರಿದ್ದರು.
